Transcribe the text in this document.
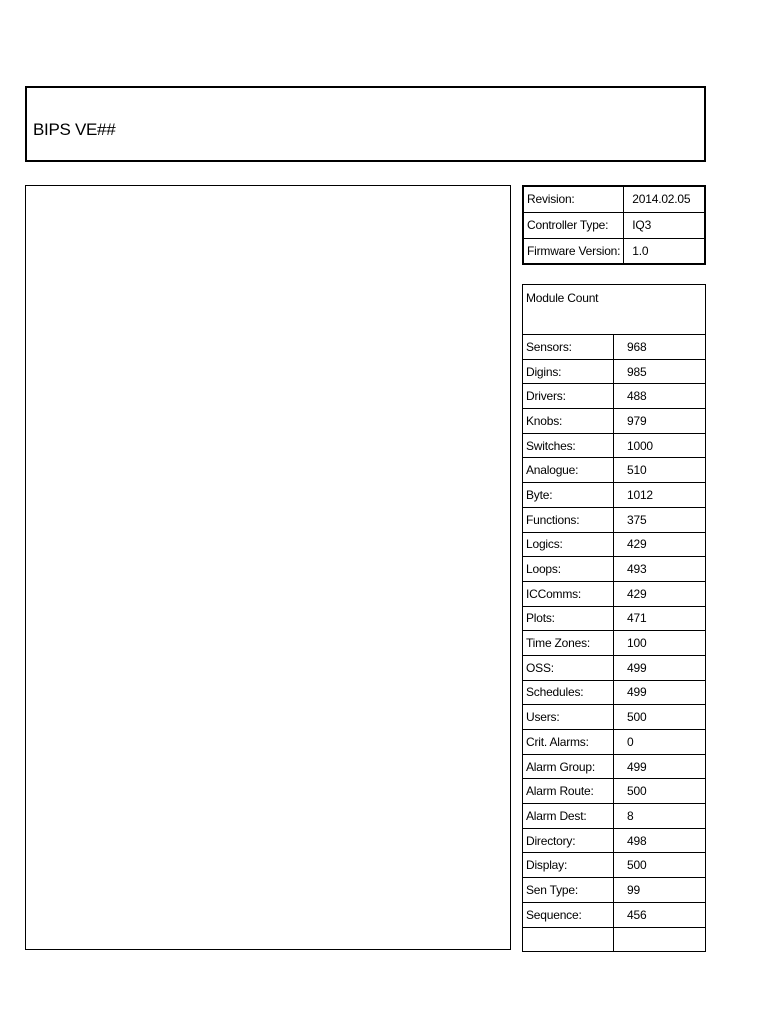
BIPS VE##
Revision:	2014.02.05
Controller Type:	IQ3
Firmware Version:	1.0
Module Count	
Sensors:	968
Digins:	985
Drivers:	488
Knobs:	979
Switches:	1000
Analogue:	510
Byte:	1012
Functions:	375
Logics:	429
Loops:	493
ICComms:	429
Plots:	471
Time Zones:	100
OSS:	499
Schedules:	499
Users:	500
Crit. Alarms:	0
Alarm Group:	499
Alarm Route:	500
Alarm Dest:	8
Directory:	498
Display:	500
Sen Type:	99
Sequence:	456
